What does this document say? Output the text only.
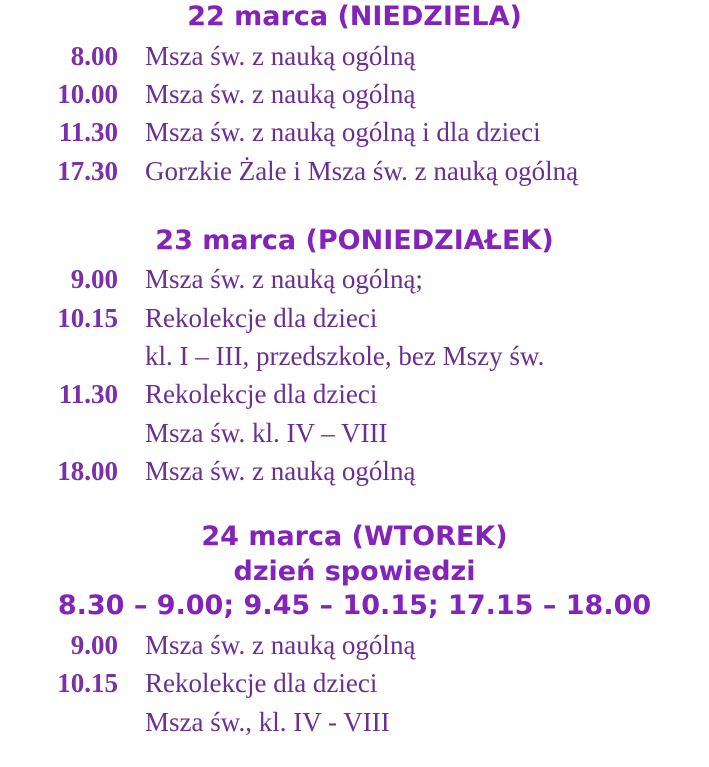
22 marca (NIEDZIELA)
8.00	Msza św. z nauką ogólną
10.00	Msza św. z nauką ogólną
11.30	Msza św. z nauką ogólną i dla dzieci
17.30	Gorzkie Żale i Msza św. z nauką ogólną
23 marca (PONIEDZIAŁEK)
9.00	Msza św. z nauką ogólną;
10.15	Rekolekcje dla dzieci
kl. I – III, przedszkole, bez Mszy św.
11.30	Rekolekcje dla dzieci
Msza św. kl. IV – VIII
18.00	Msza św. z nauką ogólną
24 marca (WTOREK)
dzień spowiedzi
8.30 – 9.00; 9.45 – 10.15; 17.15 – 18.00
9.00	Msza św. z nauką ogólną
10.15	Rekolekcje dla dzieci
Msza św., kl. IV - VIII
